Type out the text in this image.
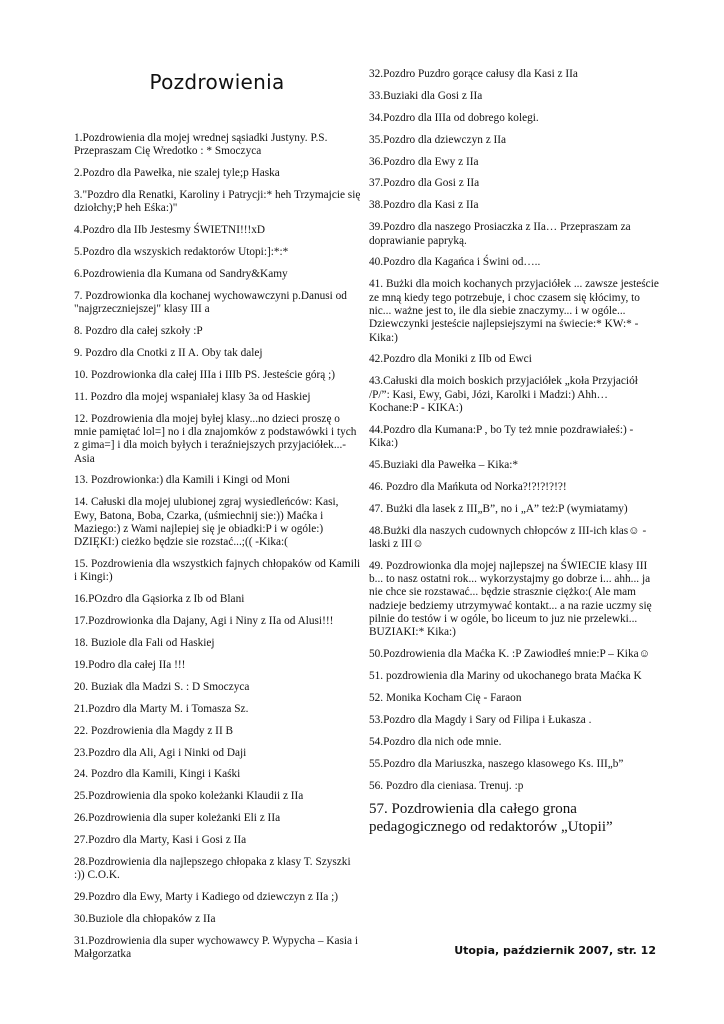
Pozdrowienia
1.Pozdrowienia dla mojej wrednej sąsiadki Justyny. P.S. Przepraszam Cię Wredotko : * Smoczyca
2.Pozdro dla Pawełka, nie szalej tyle;p Haska
3."Pozdro dla Renatki, Karoliny i Patrycji:* heh Trzymajcie się dziołchy;P heh Eśka:)"
4.Pozdro dla IIb Jestesmy ŚWIETNI!!!xD
5.Pozdro dla wszyskich redaktorów Utopi:]:*:*
6.Pozdrowienia dla Kumana od Sandry&Kamy
7. Pozdrowionka dla kochanej wychowawczyni p.Danusi od "najgrzeczniejszej" klasy III a
8. Pozdro dla całej szkoły :P
9. Pozdro dla Cnotki z II A. Oby tak dalej
10. Pozdrowionka dla całej IIIa i IIIb PS. Jesteście górą ;)
11. Pozdro dla mojej wspaniałej klasy 3a od Haskiej
12. Pozdrowienia dla mojej byłej klasy...no dzieci proszę o mnie pamiętać lol=] no i dla znajomków z podstawówki i tych z gima=] i dla moich byłych i teraźniejszych przyjaciółek...-Asia
13. Pozdrowionka:) dla Kamili i Kingi od Moni
14. Całuski dla mojej ulubionej zgraj wysiedleńców: Kasi, Ewy, Batona, Boba, Czarka, (uśmiechnij sie:)) Maćka i Maziego:) z Wami najlepiej się je obiadki:P i w ogóle:) DZIĘKI:) cieżko będzie sie rozstać...;(( -Kika:(
15. Pozdrowienia dla wszystkich fajnych chłopaków od Kamili i Kingi:)
16.POzdro dla Gąsiorka z Ib od Blani
17.Pozdrowionka dla Dajany, Agi i Niny z IIa od Alusi!!!
18. Buziole dla Fali od Haskiej
19.Podro dla całej IIa !!!
20. Buziak dla Madzi S. : D Smoczyca
21.Pozdro dla Marty M. i Tomasza Sz.
22. Pozdrowienia dla Magdy z II B
23.Pozdro dla Ali, Agi i Ninki od Daji
24. Pozdro dla Kamili, Kingi i Kaśki
25.Pozdrowienia dla spoko koleżanki Klaudii z IIa
26.Pozdrowienia dla super koleżanki Eli z IIa
27.Pozdro dla Marty, Kasi i Gosi z IIa
28.Pozdrowienia dla najlepszego chłopaka z klasy T. Szyszki :)) C.O.K.
29.Pozdro dla Ewy, Marty i Kadiego od dziewczyn z IIa ;)
30.Buziole dla chłopaków z IIa
31.Pozdrowienia dla super wychowawcy P. Wypycha – Kasia i Małgorzatka
32.Pozdro Puzdro gorące całusy dla Kasi z IIa
33.Buziaki dla Gosi z IIa
34.Pozdro dla IIIa od dobrego kolegi.
35.Pozdro dla dziewczyn z IIa
36.Pozdro dla Ewy z IIa
37.Pozdro dla Gosi z IIa
38.Pozdro dla Kasi z IIa
39.Pozdro dla naszego Prosiaczka z IIa… Przepraszam za doprawianie papryką.
40.Pozdro dla Kagańca i Świni od…..
41. Bużki dla moich kochanych przyjaciółek ... zawsze jesteście ze mną kiedy tego potrzebuje, i choc czasem się kłócimy, to nic... ważne jest to, ile dla siebie znaczymy... i w ogóle... Dziewczynki jesteście najlepsiejszymi na świecie:* KW:* - Kika:)
42.Pozdro dla Moniki z IIb od Ewci
43.Całuski dla moich boskich przyjaciółek „koła Przyjaciół /P/”: Kasi, Ewy, Gabi, Józi, Karolki i Madzi:) Ahh… Kochane:P - KIKA:)
44.Pozdro dla Kumana:P , bo Ty też mnie pozdrawiałeś:) - Kika:)
45.Buziaki dla Pawełka – Kika:*
46. Pozdro dla Mańkuta od Norka?!?!?!?!?!
47. Bużki dla lasek z III„B”, no i „A” też:P (wymiatamy)
48.Bużki dla naszych cudownych chłopców z III-ich klas☺ - laski z III☺
49. Pozdrowionka dla mojej najlepszej na ŚWIECIE klasy III b... to nasz ostatni rok... wykorzystajmy go dobrze i... ahh... ja nie chce sie rozstawać... będzie strasznie ciężko:( Ale mam nadzieje bedziemy utrzymywać kontakt... a na razie uczmy się pilnie do testów i w ogóle, bo liceum to juz nie przelewki... BUZIAKI:* Kika:)
50.Pozdrowienia dla Maćka K. :P Zawiodłeś mnie:P – Kika☺
51. pozdrowienia dla Mariny od ukochanego brata Maćka K
52. Monika Kocham Cię - Faraon
53.Pozdro dla Magdy i Sary od Filipa i Łukasza .
54.Pozdro dla nich ode mnie.
55.Pozdro dla Mariuszka, naszego klasowego Ks. III„b”
56. Pozdro dla cieniasa. Trenuj. :p
57. Pozdrowienia dla całego grona pedagogicznego od redaktorów „Utopii”
Utopia, październik 2007, str. 12
